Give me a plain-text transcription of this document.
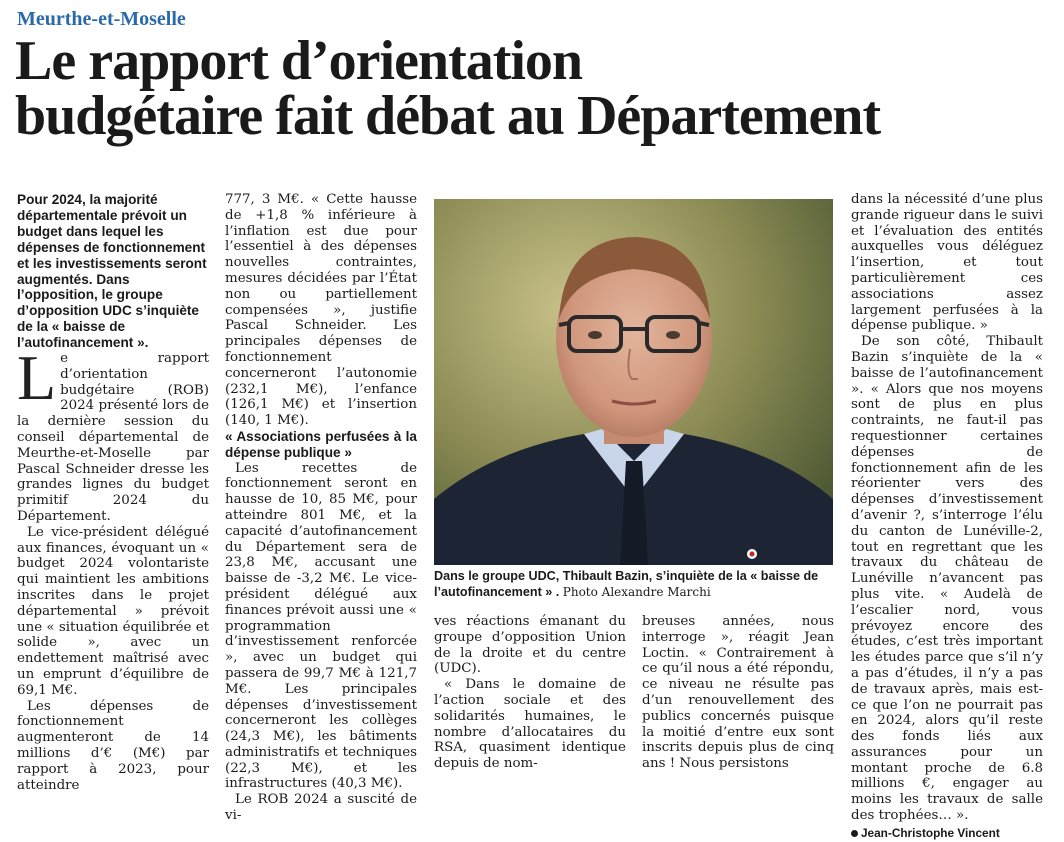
Meurthe-et-Moselle
Le rapport d’orientation
budgétaire fait débat au Département

Pour 2024, la majorité départementale prévoit un budget dans lequel les dépenses de fonctionnement et les investissements seront augmentés. Dans l’opposition, le groupe d’opposition UDC s’inquiète de la « baisse de l’autofinancement ».

Le rapport d’orientation budgétaire (ROB) 2024 présenté lors de la dernière session du conseil départemental de Meurthe-et-Moselle par Pascal Schneider dresse les grandes lignes du budget primitif 2024 du Département.

Le vice-président délégué aux finances, évoquant un « budget 2024 volontariste qui maintient les ambitions inscrites dans le projet départemental » prévoit une « situation équilibrée et solide », avec un endettement maîtrisé avec un emprunt d’équilibre de 69,1 M€.

Les dépenses de fonctionnement augmenteront de 14 millions d’€ (M€) par rapport à 2023, pour atteindre

777, 3 M€. « Cette hausse de +1,8 % inférieure à l’inflation est due pour l’essentiel à des dépenses nouvelles contraintes, mesures décidées par l’État non ou partiellement compensées », justifie Pascal Schneider. Les principales dépenses de fonctionnement concerneront l’autonomie (232,1 M€), l’enfance (126,1 M€) et l’insertion (140, 1 M€).

« Associations perfusées à la dépense publique »

Les recettes de fonctionnement seront en hausse de 10, 85 M€, pour atteindre 801 M€, et la capacité d’autofinancement du Département sera de 23,8 M€, accusant une baisse de -3,2 M€. Le vice-président délégué aux finances prévoit aussi une « programmation d’investissement renforcée », avec un budget qui passera de 99,7 M€ à 121,7 M€. Les principales dépenses d’investissement concerneront les collèges (24,3 M€), les bâtiments administratifs et techniques (22,3 M€), et les infrastructures (40,3 M€).

Le ROB 2024 a suscité de vi-

Dans le groupe UDC, Thibault Bazin, s’inquiète de la « baisse de l’autofinancement » . Photo Alexandre Marchi

ves réactions émanant du groupe d’opposition Union de la droite et du centre (UDC).

« Dans le domaine de l’action sociale et des solidarités humaines, le nombre d’allocataires du RSA, quasiment identique depuis de nom-

breuses années, nous interroge », réagit Jean Loctin. « Contrairement à ce qu’il nous a été répondu, ce niveau ne résulte pas d’un renouvellement des publics concernés puisque la moitié d’entre eux sont inscrits depuis plus de cinq ans ! Nous persistons

dans la nécessité d’une plus grande rigueur dans le suivi et l’évaluation des entités auxquelles vous déléguez l’insertion, et tout particulièrement ces associations assez largement perfusées à la dépense publique. »

De son côté, Thibault Bazin s’inquiète de la « baisse de l’autofinancement ». « Alors que nos moyens sont de plus en plus contraints, ne faut-il pas requestionner certaines dépenses de fonctionnement afin de les réorienter vers des dépenses d’investissement d’avenir ?, s’interroge l’élu du canton de Lunéville-2, tout en regrettant que les travaux du château de Lunéville n’avancent pas plus vite. « Audelà de l’escalier nord, vous prévoyez encore des études, c’est très important les études parce que s’il n’y a pas d’études, il n’y a pas de travaux après, mais est-ce que l’on ne pourrait pas en 2024, alors qu’il reste des fonds liés aux assurances pour un montant proche de 6.8 millions €, engager au moins les travaux de salle des trophées… ».

Jean-Christophe Vincent
